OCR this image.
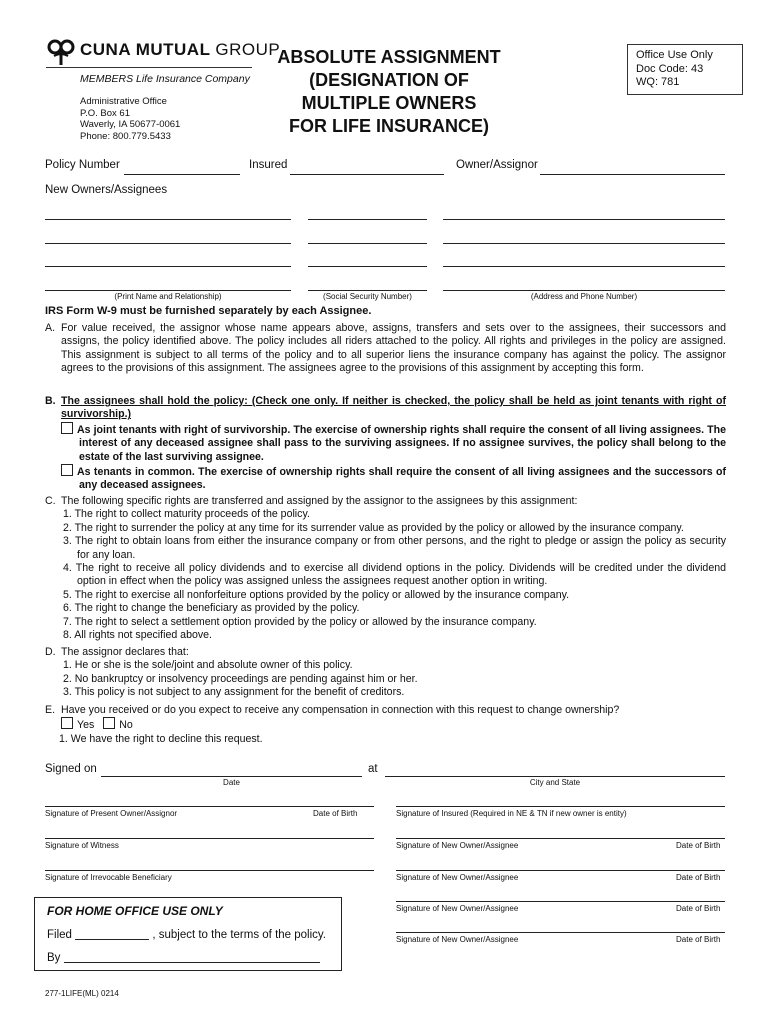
CUNA MUTUAL GROUP
MEMBERS Life Insurance Company
Administrative Office
P.O. Box 61
Waverly, IA 50677-0061
Phone: 800.779.5433
ABSOLUTE ASSIGNMENT
(DESIGNATION OF
MULTIPLE OWNERS
FOR LIFE INSURANCE)
Office Use Only
Doc Code: 43
WQ: 781
Policy Number	Insured	Owner/Assignor
New Owners/Assignees
(Print Name and Relationship)	(Social Security Number)	(Address and Phone Number)
IRS Form W-9 must be furnished separately by each Assignee.
A. For value received, the assignor whose name appears above, assigns, transfers and sets over to the assignees, their successors and assigns, the policy identified above. The policy includes all riders attached to the policy. All rights and privileges in the policy are assigned. This assignment is subject to all terms of the policy and to all superior liens the insurance company has against the policy. The assignor agrees to the provisions of this assignment. The assignees agree to the provisions of this assignment by accepting this form.
B. The assignees shall hold the policy: (Check one only. If neither is checked, the policy shall be held as joint tenants with right of survivorship.)
As joint tenants with right of survivorship. The exercise of ownership rights shall require the consent of all living assignees. The interest of any deceased assignee shall pass to the surviving assignees. If no assignee survives, the policy shall belong to the estate of the last surviving assignee.
As tenants in common. The exercise of ownership rights shall require the consent of all living assignees and the successors of any deceased assignees.
C. The following specific rights are transferred and assigned by the assignor to the assignees by this assignment:
1. The right to collect maturity proceeds of the policy.
2. The right to surrender the policy at any time for its surrender value as provided by the policy or allowed by the insurance company.
3. The right to obtain loans from either the insurance company or from other persons, and the right to pledge or assign the policy as security for any loan.
4. The right to receive all policy dividends and to exercise all dividend options in the policy. Dividends will be credited under the dividend option in effect when the policy was assigned unless the assignees request another option in writing.
5. The right to exercise all nonforfeiture options provided by the policy or allowed by the insurance company.
6. The right to change the beneficiary as provided by the policy.
7. The right to select a settlement option provided by the policy or allowed by the insurance company.
8. All rights not specified above.
D. The assignor declares that:
1. He or she is the sole/joint and absolute owner of this policy.
2. No bankruptcy or insolvency proceedings are pending against him or her.
3. This policy is not subject to any assignment for the benefit of creditors.
E. Have you received or do you expect to receive any compensation in connection with this request to change ownership?
Yes No
1. We have the right to decline this request.
Signed on	at
Date	City and State
Signature of Present Owner/Assignor	Date of Birth
Signature of Witness
Signature of Irrevocable Beneficiary
Signature of Insured (Required in NE & TN if new owner is entity)
Signature of New Owner/Assignee	Date of Birth
Signature of New Owner/Assignee	Date of Birth
Signature of New Owner/Assignee	Date of Birth
Signature of New Owner/Assignee	Date of Birth
FOR HOME OFFICE USE ONLY
Filed	, subject to the terms of the policy.
By
277-1LIFE(ML) 0214
